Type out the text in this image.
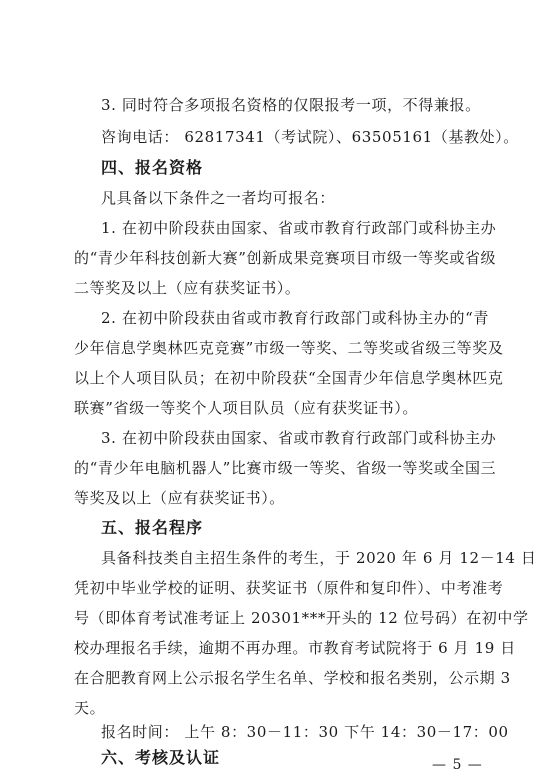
3. 同时符合多项报名资格的仅限报考一项，不得兼报。
咨询电话： 62817341（考试院）、63505161（基教处）。
四、报名资格
凡具备以下条件之一者均可报名：
1. 在初中阶段获由国家、省或市教育行政部门或科协主办
的“青少年科技创新大赛”创新成果竞赛项目市级一等奖或省级
二等奖及以上（应有获奖证书）。
2. 在初中阶段获由省或市教育行政部门或科协主办的“青
少年信息学奥林匹克竞赛”市级一等奖、二等奖或省级三等奖及
以上个人项目队员；在初中阶段获“全国青少年信息学奥林匹克
联赛”省级一等奖个人项目队员（应有获奖证书）。
3. 在初中阶段获由国家、省或市教育行政部门或科协主办
的“青少年电脑机器人”比赛市级一等奖、省级一等奖或全国三
等奖及以上（应有获奖证书）。
五、报名程序
具备科技类自主招生条件的考生，于 2020 年 6 月 12－14 日
凭初中毕业学校的证明、获奖证书（原件和复印件）、中考准考
号（即体育考试准考证上 20301***开头的 12 位号码）在初中学
校办理报名手续，逾期不再办理。市教育考试院将于 6 月 19 日
在合肥教育网上公示报名学生名单、学校和报名类别，公示期 3
天。
报名时间： 上午 8：30－11：30 下午 14：30－17：00
六、考核及认证	— 5 —
